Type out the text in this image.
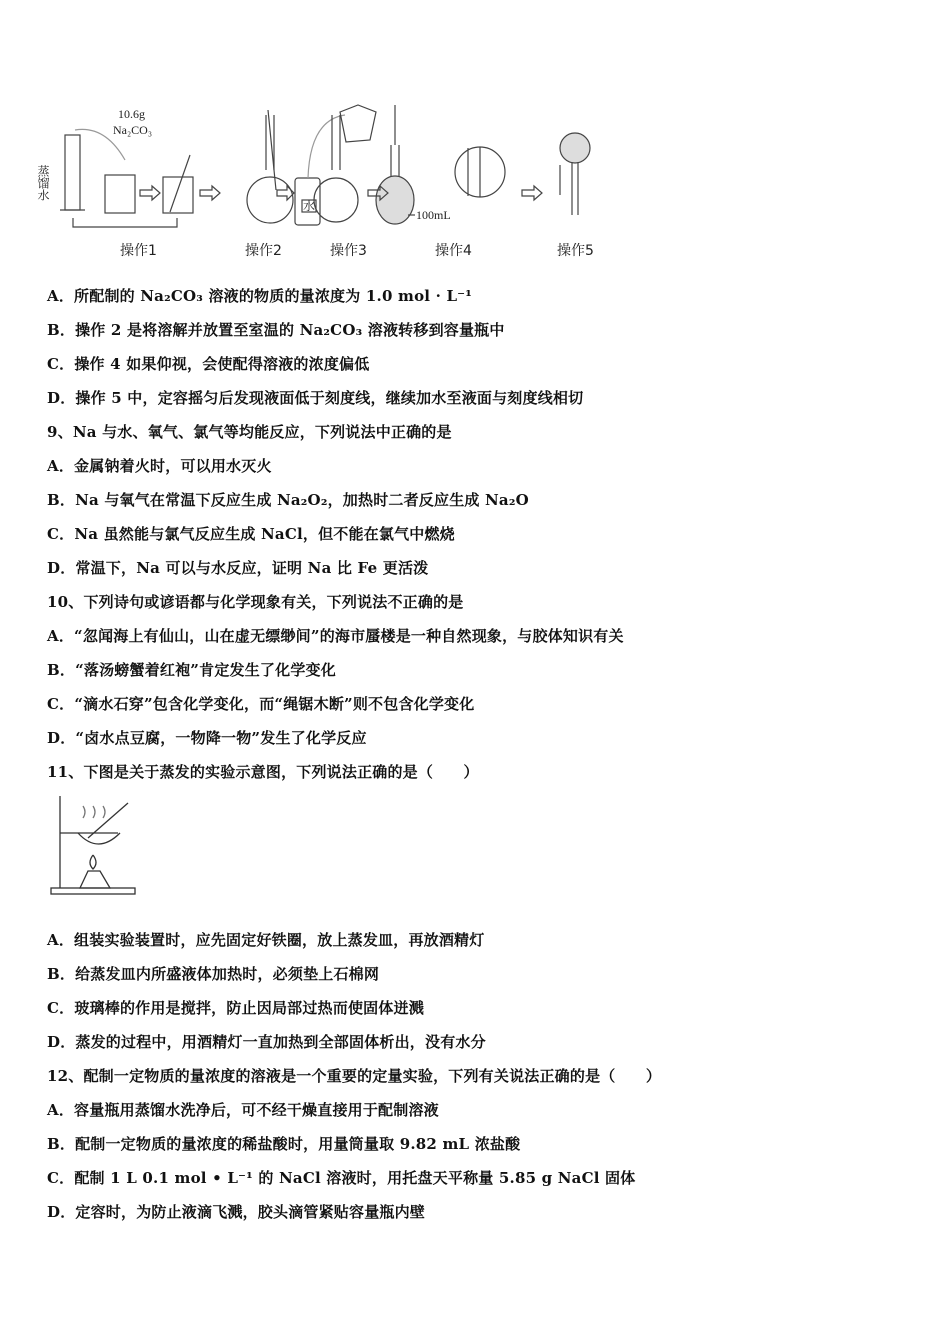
10.6g
Na₂CO₃
蒸馏水
水
100mL
操作1	操作2	操作3	操作4	操作5
A．所配制的 Na₂CO₃ 溶液的物质的量浓度为 1.0 mol · L⁻¹
B．操作 2 是将溶解并放置至室温的 Na₂CO₃ 溶液转移到容量瓶中
C．操作 4 如果仰视，会使配得溶液的浓度偏低
D．操作 5 中，定容摇匀后发现液面低于刻度线，继续加水至液面与刻度线相切
9、Na 与水、氧气、氯气等均能反应，下列说法中正确的是
A．金属钠着火时，可以用水灭火
B．Na 与氧气在常温下反应生成 Na₂O₂，加热时二者反应生成 Na₂O
C．Na 虽然能与氯气反应生成 NaCl，但不能在氯气中燃烧
D．常温下，Na 可以与水反应，证明 Na 比 Fe 更活泼
10、下列诗句或谚语都与化学现象有关，下列说法不正确的是
A．“忽闻海上有仙山，山在虚无缥缈间”的海市蜃楼是一种自然现象，与胶体知识有关
B．“落汤螃蟹着红袍”肯定发生了化学变化
C．“滴水石穿”包含化学变化，而“绳锯木断”则不包含化学变化
D．“卤水点豆腐，一物降一物”发生了化学反应
11、下图是关于蒸发的实验示意图，下列说法正确的是（　　）
A．组装实验装置时，应先固定好铁圈，放上蒸发皿，再放酒精灯
B．给蒸发皿内所盛液体加热时，必须垫上石棉网
C．玻璃棒的作用是搅拌，防止因局部过热而使固体迸溅
D．蒸发的过程中，用酒精灯一直加热到全部固体析出，没有水分
12、配制一定物质的量浓度的溶液是一个重要的定量实验，下列有关说法正确的是（　　）
A．容量瓶用蒸馏水洗净后，可不经干燥直接用于配制溶液
B．配制一定物质的量浓度的稀盐酸时，用量筒量取 9.82 mL 浓盐酸
C．配制 1 L 0.1 mol • L⁻¹ 的 NaCl 溶液时，用托盘天平称量 5.85 g NaCl 固体
D．定容时，为防止液滴飞溅，胶头滴管紧贴容量瓶内壁
